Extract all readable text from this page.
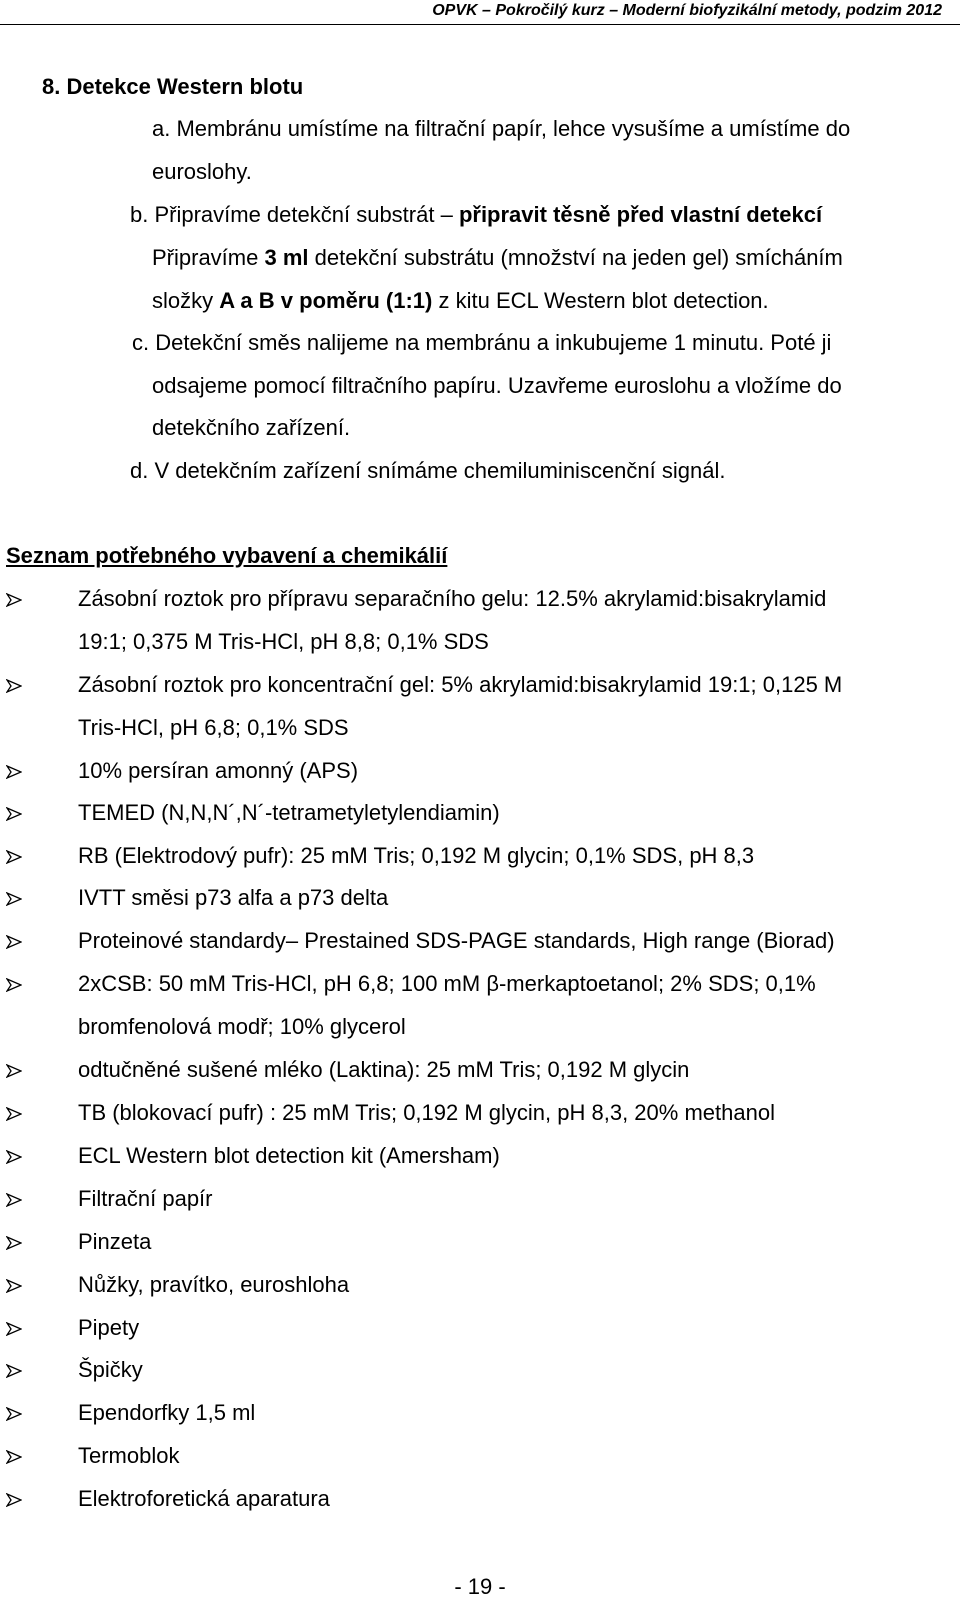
OPVK – Pokročilý kurz – Moderní biofyzikální metody, podzim 2012
8. Detekce Western blotu
a. Membránu umístíme na filtrační papír, lehce vysušíme a umístíme do
euroslohy.
b. Připravíme detekční substrát – připravit těsně před vlastní detekcí
Připravíme 3 ml detekční substrátu (množství na jeden gel) smícháním
složky A a B v poměru (1:1) z kitu ECL Western blot detection.
c. Detekční směs nalijeme na membránu a inkubujeme 1 minutu. Poté ji
odsajeme pomocí filtračního papíru. Uzavřeme euroslohu a vložíme do
detekčního zařízení.
d. V detekčním zařízení snímáme chemiluminiscenční signál.
Seznam potřebného vybavení a chemikálií
Zásobní roztok pro přípravu separačního gelu: 12.5% akrylamid:bisakrylamid
19:1; 0,375 M Tris-HCl, pH 8,8; 0,1% SDS
Zásobní roztok pro koncentrační gel: 5% akrylamid:bisakrylamid 19:1; 0,125 M
Tris-HCl, pH 6,8; 0,1% SDS
10% persíran amonný (APS)
TEMED (N,N,N´,N´-tetrametyletylendiamin)
RB (Elektrodový pufr): 25 mM Tris; 0,192 M glycin; 0,1% SDS, pH 8,3
IVTT směsi p73 alfa a p73 delta
Proteinové standardy– Prestained SDS-PAGE standards, High range (Biorad)
2xCSB: 50 mM Tris-HCl, pH 6,8; 100 mM β-merkaptoetanol; 2% SDS; 0,1%
bromfenolová modř; 10% glycerol
odtučněné sušené mléko (Laktina): 25 mM Tris; 0,192 M glycin
TB (blokovací pufr) : 25 mM Tris; 0,192 M glycin, pH 8,3, 20% methanol
ECL Western blot detection kit (Amersham)
Filtrační papír
Pinzeta
Nůžky, pravítko, euroshloha
Pipety
Špičky
Ependorfky 1,5 ml
Termoblok
Elektroforetická aparatura
- 19 -
